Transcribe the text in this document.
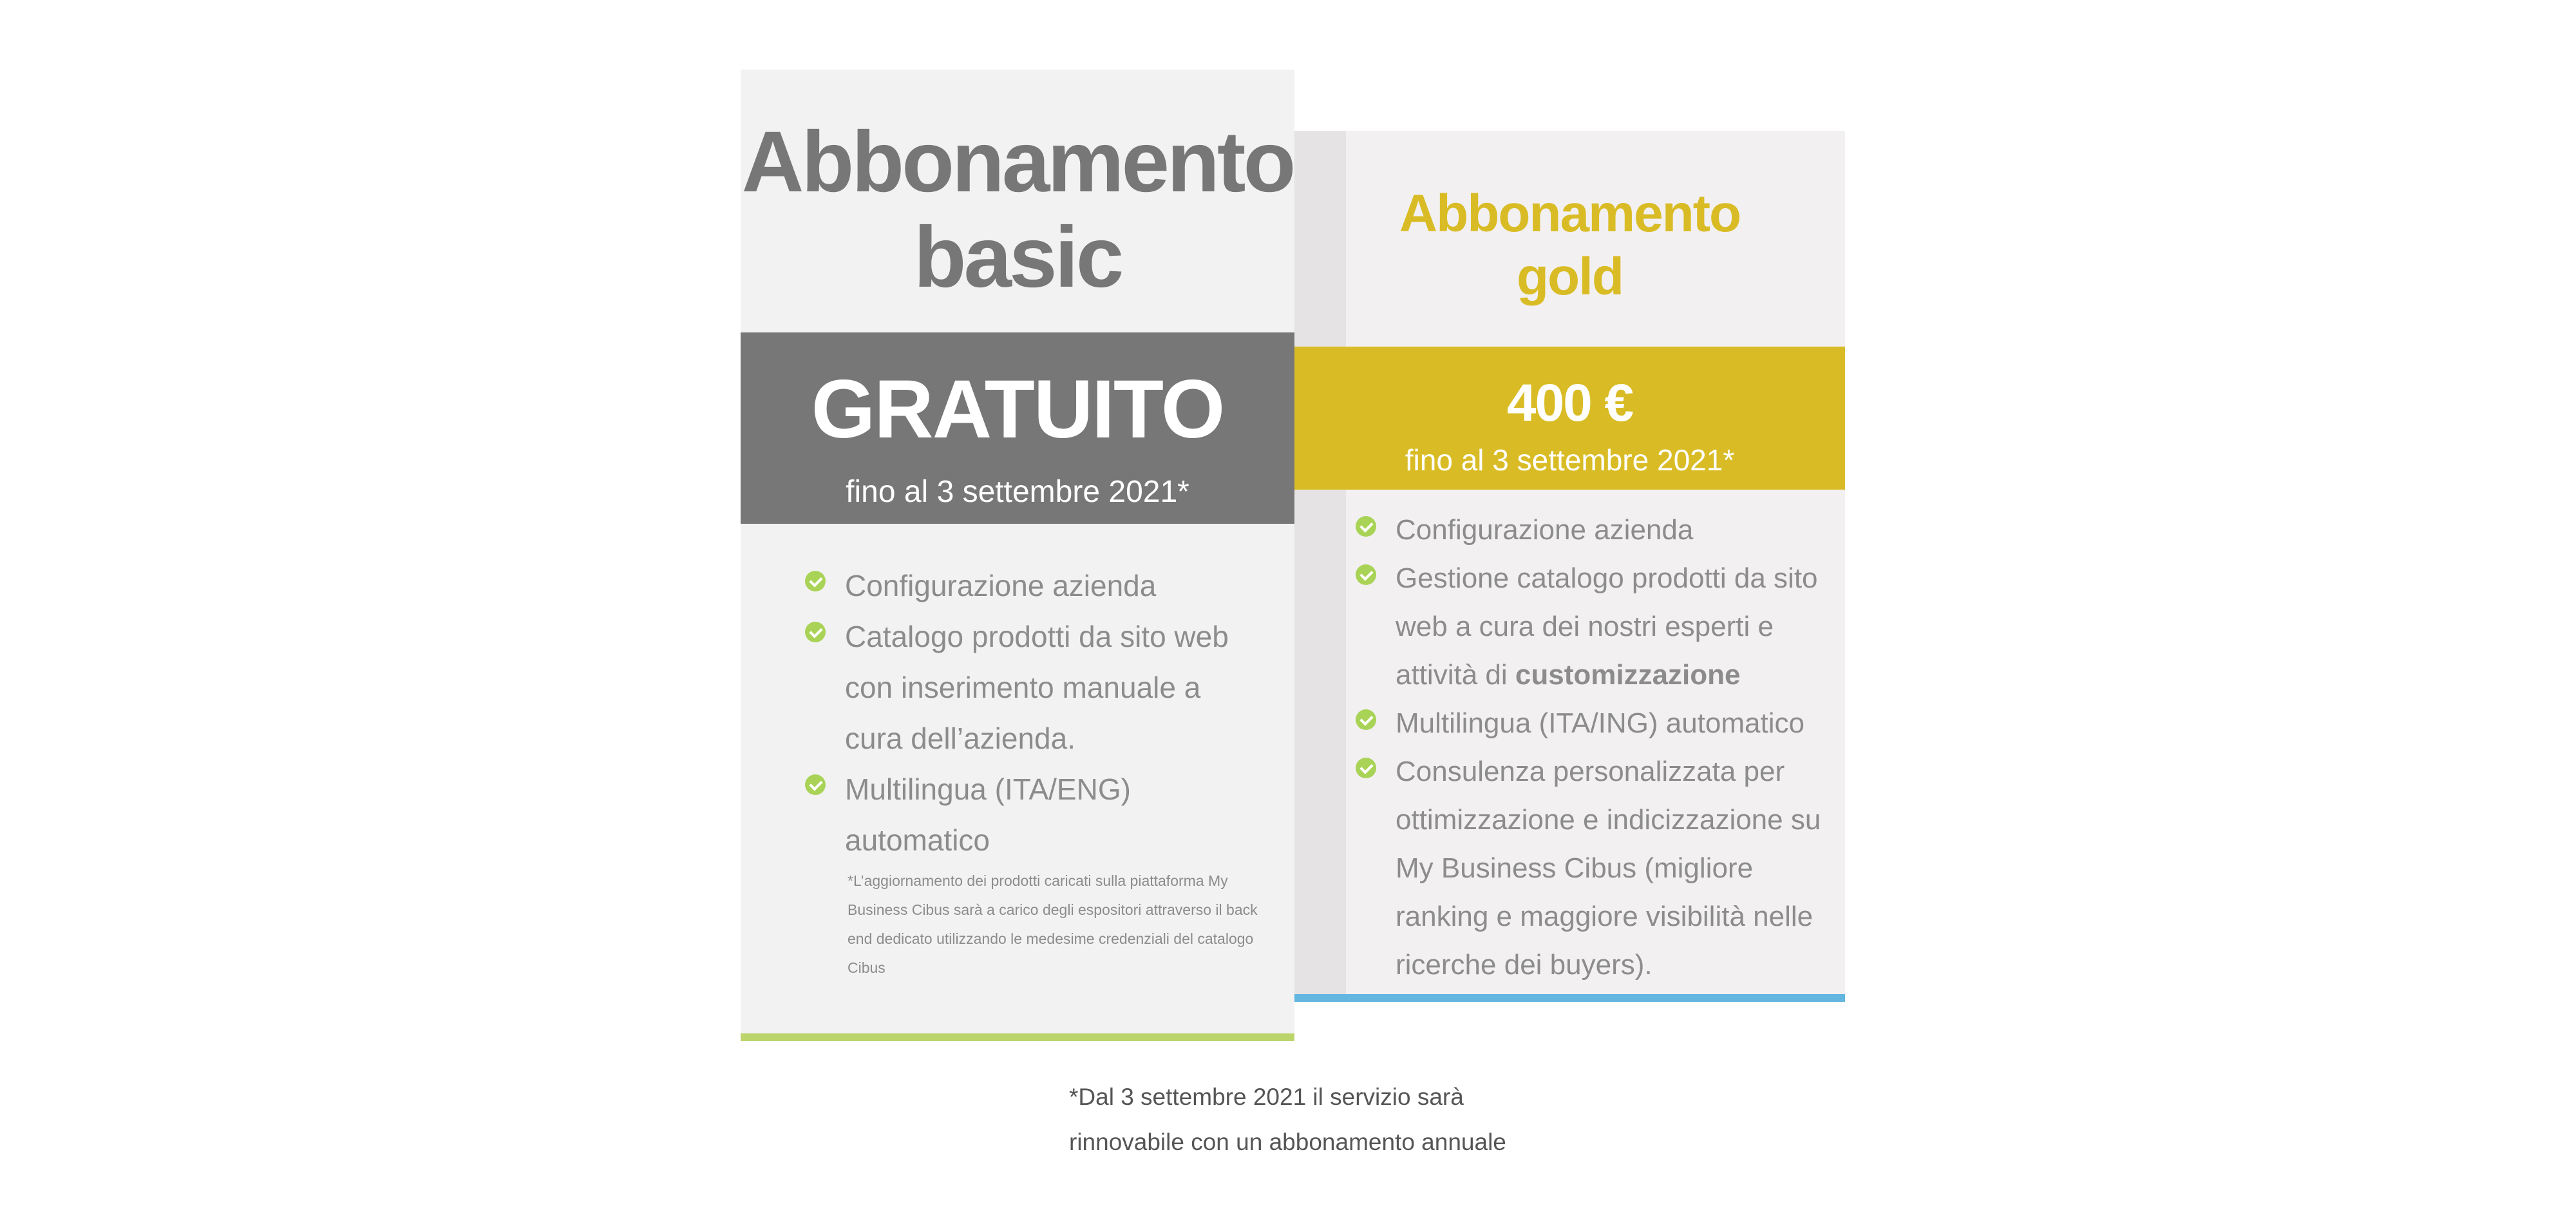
Abbonamento
basic
GRATUITO
fino al 3 settembre 2021*
Configurazione azienda
Catalogo prodotti da sito web con inserimento manuale a cura dell’azienda.
Multilingua (ITA/ENG) automatico
*L’aggiornamento dei prodotti caricati sulla piattaforma My Business Cibus sarà a carico degli espositori attraverso il back end dedicato utilizzando le medesime credenziali del catalogo Cibus
Abbonamento
gold
400 €
fino al 3 settembre 2021*
Configurazione azienda
Gestione catalogo prodotti da sito web a cura dei nostri esperti e attività di customizzazione
Multilingua (ITA/ING) automatico
Consulenza personalizzata per ottimizzazione e indicizzazione su My Business Cibus (migliore ranking e maggiore visibilità nelle ricerche dei buyers).
*Dal 3 settembre 2021 il servizio sarà
rinnovabile con un abbonamento annuale
